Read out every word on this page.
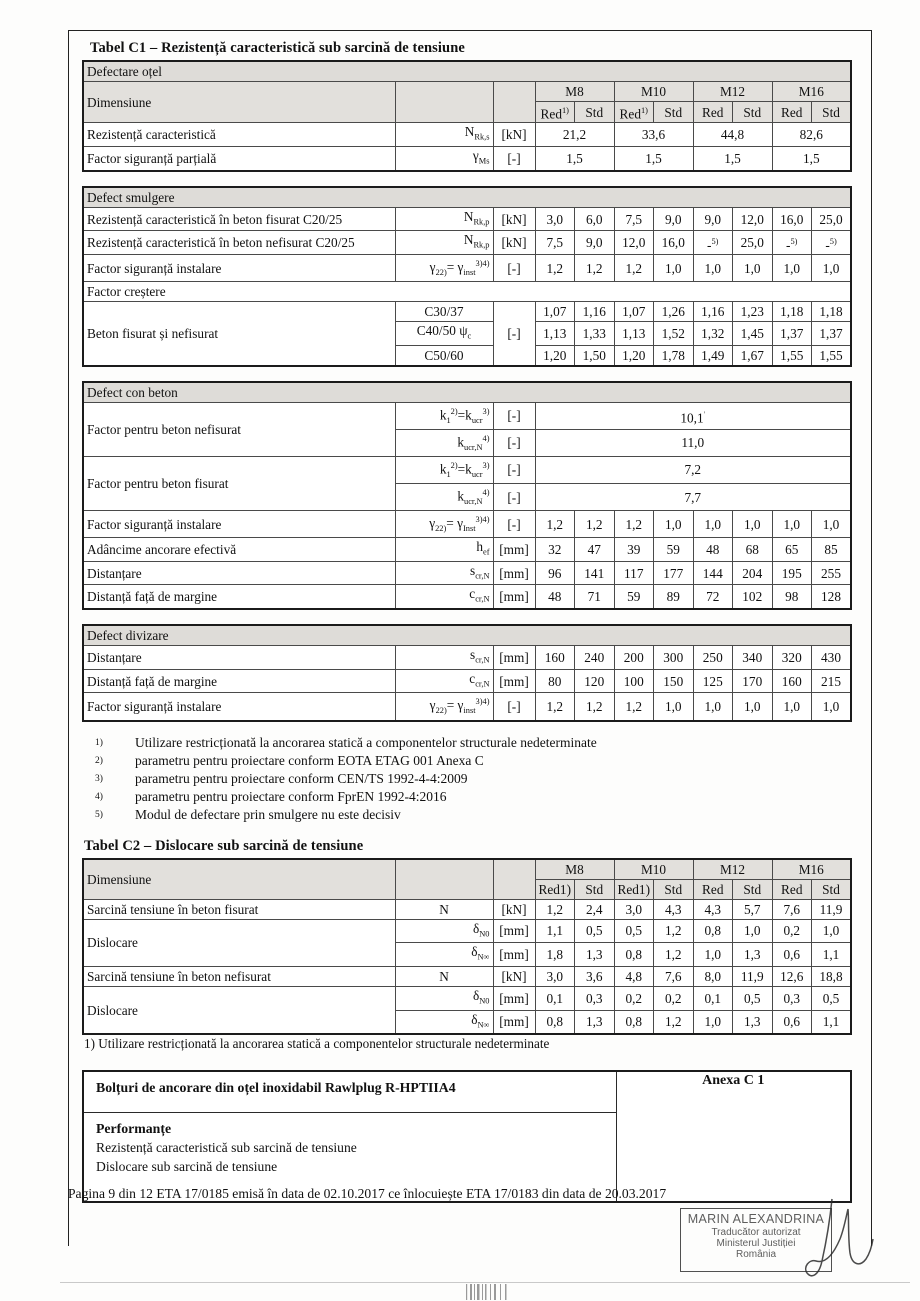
Tabel C1 – Rezistență caracteristică sub sarcină de tensiune
Defectare oțel										
Dimensiune			M8		M10		M12		M16	
			Red$^{1)}$	Std	Red$^{1)}$	Std	Red	Std	Red	Std
Rezistență caracteristică	$N_{Rk,s}$	[kN]	21,2		33,6		44,8		82,6	
Factor siguranță parțială	$\gamma_{Ms}$	[-]	1,5		1,5		1,5		1,5	
Defect smulgere										
Rezistență caracteristică în beton fisurat C20/25	$N_{Rk,p}$	[kN]	3,0	6,0	7,5	9,0	9,0	12,0	16,0	25,0
Rezistență caracteristică în beton nefisurat C20/25	$N_{Rk,p}$	[kN]	7,5	9,0	12,0	16,0	-$^{5)}$	25,0	-$^{5)}$	-$^{5)}$
Factor siguranță instalare	$\gamma_{22)}= \gamma_{inst}^{3)4)}$	[-]	1,2	1,2	1,2	1,0	1,0	1,0	1,0	1,0
Factor creștere										
Beton fisurat și nefisurat	C30/37	[-]	1,07	1,16	1,07	1,26	1,16	1,23	1,18	1,18
	C40/50 $\psi_c$		1,13	1,33	1,13	1,52	1,32	1,45	1,37	1,37
	C50/60		1,20	1,50	1,20	1,78	1,49	1,67	1,55	1,55
Defect con beton										
Factor pentru beton nefisurat	$k_1^{2)}=k_{ucr}^{3)}$	[-]	10,1'
	$k_{ucr,N}^{4)}$	[-]	11,0							
Factor pentru beton fisurat	$k_1^{2)}=k_{ucr}^{3)}$	[-]	7,2							
	$k_{ucr,N}^{4)}$	[-]	7,7							
Factor siguranță instalare	$\gamma_{22)}= \gamma_{Inst}^{3)4)}$	[-]	1,2	1,2	1,2	1,0	1,0	1,0	1,0	1,0
Adâncime ancorare efectivă	$h_{ef}$	[mm]	32	47	39	59	48	68	65	85
Distanțare	$s_{cr,N}$	[mm]	96	141	117	177	144	204	195	255
Distanță față de margine	$c_{cr,N}$	[mm]	48	71	59	89	72	102	98	128
Defect divizare										
Distanțare	$s_{cr,N}$	[mm]	160	240	200	300	250	340	320	430
Distanță față de margine	$c_{cr,N}$	[mm]	80	120	100	150	125	170	160	215
Factor siguranță instalare	$\gamma_{22)}= \gamma_{inst}^{3)4)}$	[-]	1,2	1,2	1,2	1,0	1,0	1,0	1,0	1,0
1)	Utilizare restricționată la ancorarea statică a componentelor structurale nedeterminate
2)	parametru pentru proiectare conform EOTA ETAG 001 Anexa C
3)	parametru pentru proiectare conform CEN/TS 1992-4-4:2009
4)	parametru pentru proiectare conform FprEN 1992-4:2016
5)	Modul de defectare prin smulgere nu este decisiv
Tabel C2 – Dislocare sub sarcină de tensiune
Dimensiune			M8		M10		M12		M16	
			Red1)	Std	Red1)	Std	Red	Std	Red	Std
Sarcină tensiune în beton fisurat	N	[kN]	1,2	2,4	3,0	4,3	4,3	5,7	7,6	11,9
Dislocare	$\delta_{N0}$	[mm]	1,1	0,5	0,5	1,2	0,8	1,0	0,2	1,0
	$\delta_{N\infty}$	[mm]	1,8	1,3	0,8	1,2	1,0	1,3	0,6	1,1
Sarcină tensiune în beton nefisurat	N	[kN]	3,0	3,6	4,8	7,6	8,0	11,9	12,6	18,8
Dislocare	$\delta_{N0}$	[mm]	0,1	0,3	0,2	0,2	0,1	0,5	0,3	0,5
	$\delta_{N\infty}$	[mm]	0,8	1,3	0,8	1,2	1,0	1,3	0,6	1,1
1) Utilizare restricționată la ancorarea statică a componentelor structurale nedeterminate
Bolțuri de ancorare din oțel inoxidabil Rawlplug R-HPTIIA4	Anexa C 1

Performanțe
Rezistență caracteristică sub sarcină de tensiune
Dislocare sub sarcină de tensiune
Pagina 9 din 12 ETA 17/0185 emisă în data de 02.10.2017 ce înlocuiește ETA 17/0183 din data de 20.03.2017
MARIN ALEXANDRINA
Traducător autorizat
Ministerul Justiției
România
